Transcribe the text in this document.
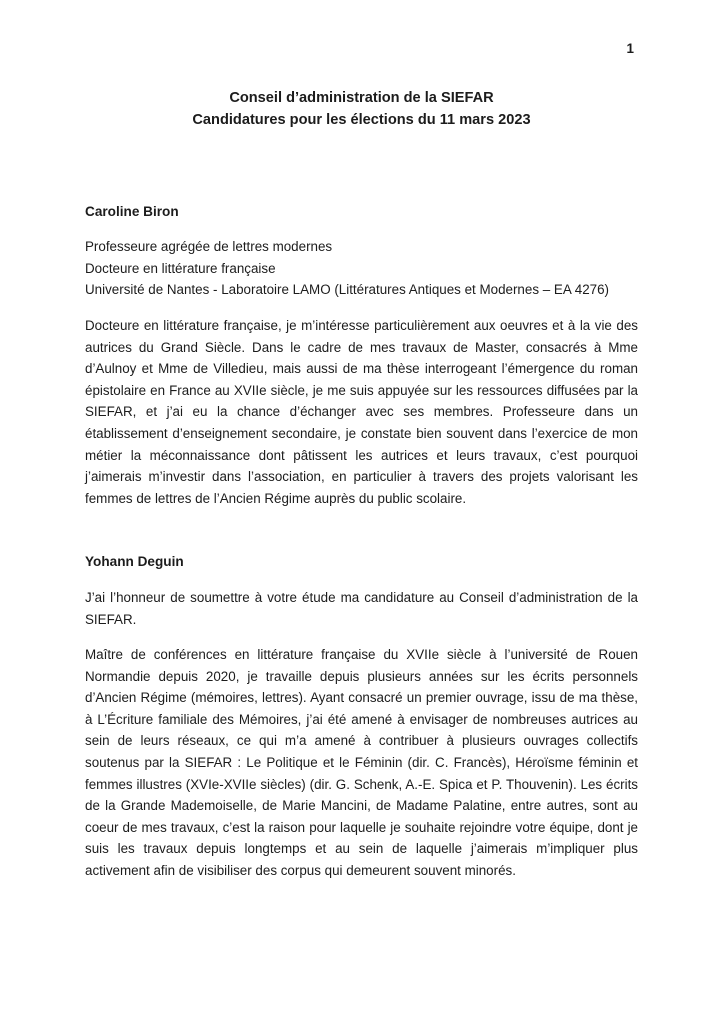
1
Conseil d’administration de la SIEFAR
Candidatures pour les élections du 11 mars 2023
Caroline Biron

Professeure agrégée de lettres modernes

Docteure en littérature française

Université de Nantes - Laboratoire LAMO (Littératures Antiques et Modernes – EA 4276)

Docteure en littérature française, je m’intéresse particulièrement aux oeuvres et à la vie des autrices du Grand Siècle. Dans le cadre de mes travaux de Master, consacrés à Mme d’Aulnoy et Mme de Villedieu, mais aussi de ma thèse interrogeant l’émergence du roman épistolaire en France au XVIIe siècle, je me suis appuyée sur les ressources diffusées par la SIEFAR, et j’ai eu la chance d’échanger avec ses membres. Professeure dans un établissement d’enseignement secondaire, je constate bien souvent dans l’exercice de mon métier la méconnaissance dont pâtissent les autrices et leurs travaux, c’est pourquoi j’aimerais m’investir dans l’association, en particulier à travers des projets valorisant les femmes de lettres de l’Ancien Régime auprès du public scolaire.

Yohann Deguin

J’ai l’honneur de soumettre à votre étude ma candidature au Conseil d’administration de la SIEFAR.

Maître de conférences en littérature française du XVIIe siècle à l’université de Rouen Normandie depuis 2020, je travaille depuis plusieurs années sur les écrits personnels d’Ancien Régime (mémoires, lettres). Ayant consacré un premier ouvrage, issu de ma thèse, à L’Écriture familiale des Mémoires, j’ai été amené à envisager de nombreuses autrices au sein de leurs réseaux, ce qui m’a amené à contribuer à plusieurs ouvrages collectifs soutenus par la SIEFAR : Le Politique et le Féminin (dir. C. Francès), Héroïsme féminin et femmes illustres (XVIe-XVIIe siècles) (dir. G. Schenk, A.-E. Spica et P. Thouvenin). Les écrits de la Grande Mademoiselle, de Marie Mancini, de Madame Palatine, entre autres, sont au coeur de mes travaux, c’est la raison pour laquelle je souhaite rejoindre votre équipe, dont je suis les travaux depuis longtemps et au sein de laquelle j’aimerais m’impliquer plus activement afin de visibiliser des corpus qui demeurent souvent minorés.
